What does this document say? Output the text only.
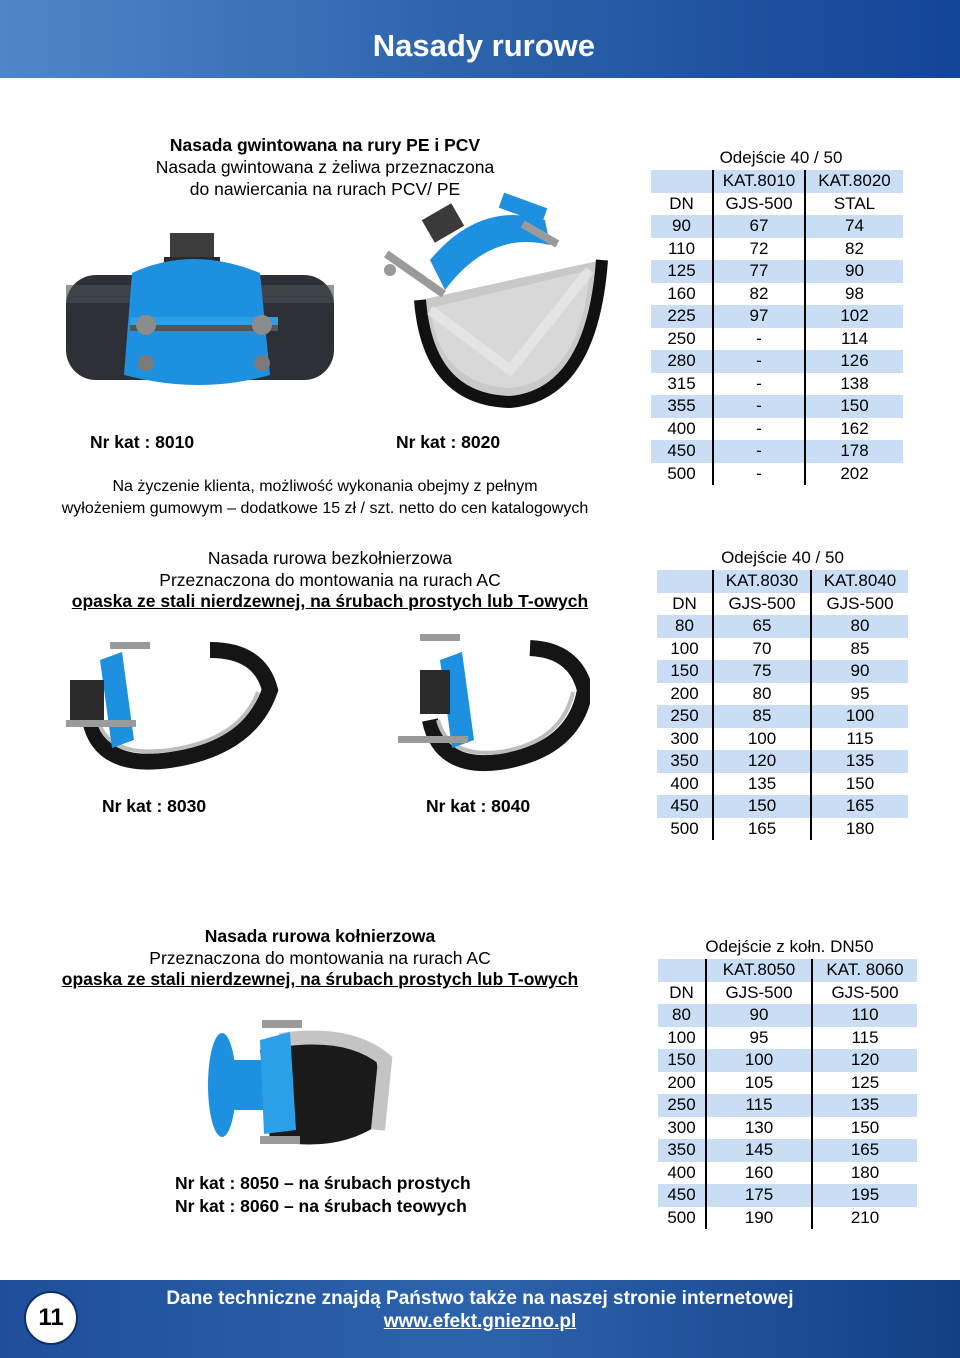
Nasady rurowe
Nasada gwintowana na rury PE i PCV
Nasada gwintowana z żeliwa przeznaczona
do nawiercania na rurach PCV/ PE
Nr kat : 8010	Nr kat : 8020
Na życzenie klienta, możliwość wykonania obejmy z pełnym
wyłożeniem gumowym – dodatkowe 15 zł / szt. netto do cen katalogowych
Odejście 40 / 50		
	KAT.8010	KAT.8020
DN	GJS-500	STAL
90	67	74
110	72	82
125	77	90
160	82	98
225	97	102
250	-	114
280	-	126
315	-	138
355	-	150
400	-	162
450	-	178
500	-	202
Nasada rurowa bezkołnierzowa
Przeznaczona do montowania na rurach AC
opaska ze stali nierdzewnej, na śrubach prostych lub T-owych
Nr kat : 8030	Nr kat : 8040
Odejście 40 / 50		
	KAT.8030	KAT.8040
DN	GJS-500	GJS-500
80	65	80
100	70	85
150	75	90
200	80	95
250	85	100
300	100	115
350	120	135
400	135	150
450	150	165
500	165	180
Nasada rurowa kołnierzowa
Przeznaczona do montowania na rurach AC
opaska ze stali nierdzewnej, na śrubach prostych lub T-owych
Nr kat : 8050 – na śrubach prostych
Nr kat : 8060 – na śrubach teowych
Odejście z kołn. DN50		
	KAT.8050	KAT. 8060
DN	GJS-500	GJS-500
80	90	110
100	95	115
150	100	120
200	105	125
250	115	135
300	130	150
350	145	165
400	160	180
450	175	195
500	190	210
11
Dane techniczne znajdą Państwo także na naszej stronie internetowej
www.efekt.gniezno.pl
